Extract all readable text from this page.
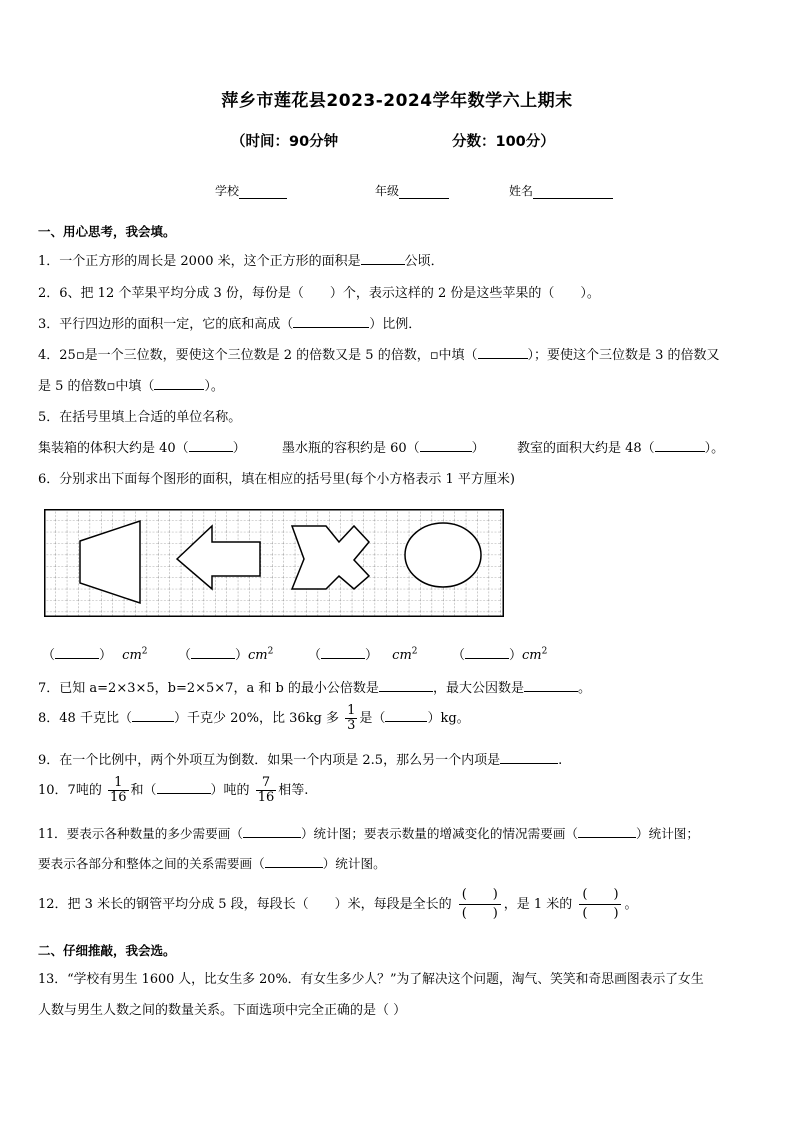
萍乡市莲花县2023-2024学年数学六上期末
（时间：90分钟	分数：100分）
学校	年级	姓名
一、用心思考，我会填。
1．一个正方形的周长是 2000 米，这个正方形的面积是	公顷．
2．6、把 12 个苹果平均分成 3 份，每份是（　　）个，表示这样的 2 份是这些苹果的（　　）。
3．平行四边形的面积一定，它的底和高成（	）比例．
4．25▫是一个三位数，要使这个三位数是 2 的倍数又是 5 的倍数，▫中填（	）；要使这个三位数是 3 的倍数又
是 5 的倍数▫中填（	）。
5．在括号里填上合适的单位名称。
集装箱的体积大约是 40（	）	墨水瓶的容积约是 60（	） 教室的面积大约是 48（	）。
6．分别求出下面每个图形的面积，填在相应的括号里(每个小方格表示 1 平方厘米)
（	） $cm^2$ （	）$cm^2$	（	） $cm^2$	（	）$cm^2$
7．已知 a=2×3×5，b=2×5×7，a 和 b 的最小公倍数是	，最大公因数是	。
8．48 千克比（	）千克少 20%，比 36kg 多 $\frac{1}{3}$ 是（	）kg。
9．在一个比例中，两个外项互为倒数．如果一个内项是 2.5，那么另一个内项是	.
10．7吨的 $\frac{1}{16}$ 和（	）吨的 $\frac{7}{16}$ 相等.
11．要表示各种数量的多少需要画（	）统计图；要表示数量的增减变化的情况需要画（	）统计图；
要表示各部分和整体之间的关系需要画（	）统计图。
12．把 3 米长的钢管平均分成 5 段，每段长（　　）米，每段是全长的 $\frac{( )}{( )}$ ，是 1 米的 $\frac{( )}{( )}$ 。
二、仔细推敲，我会选。
13．“学校有男生 1600 人，比女生多 20%．有女生多少人？”为了解决这个问题，淘气、笑笑和奇思画图表示了女生
人数与男生人数之间的数量关系。下面选项中完全正确的是（ ）
